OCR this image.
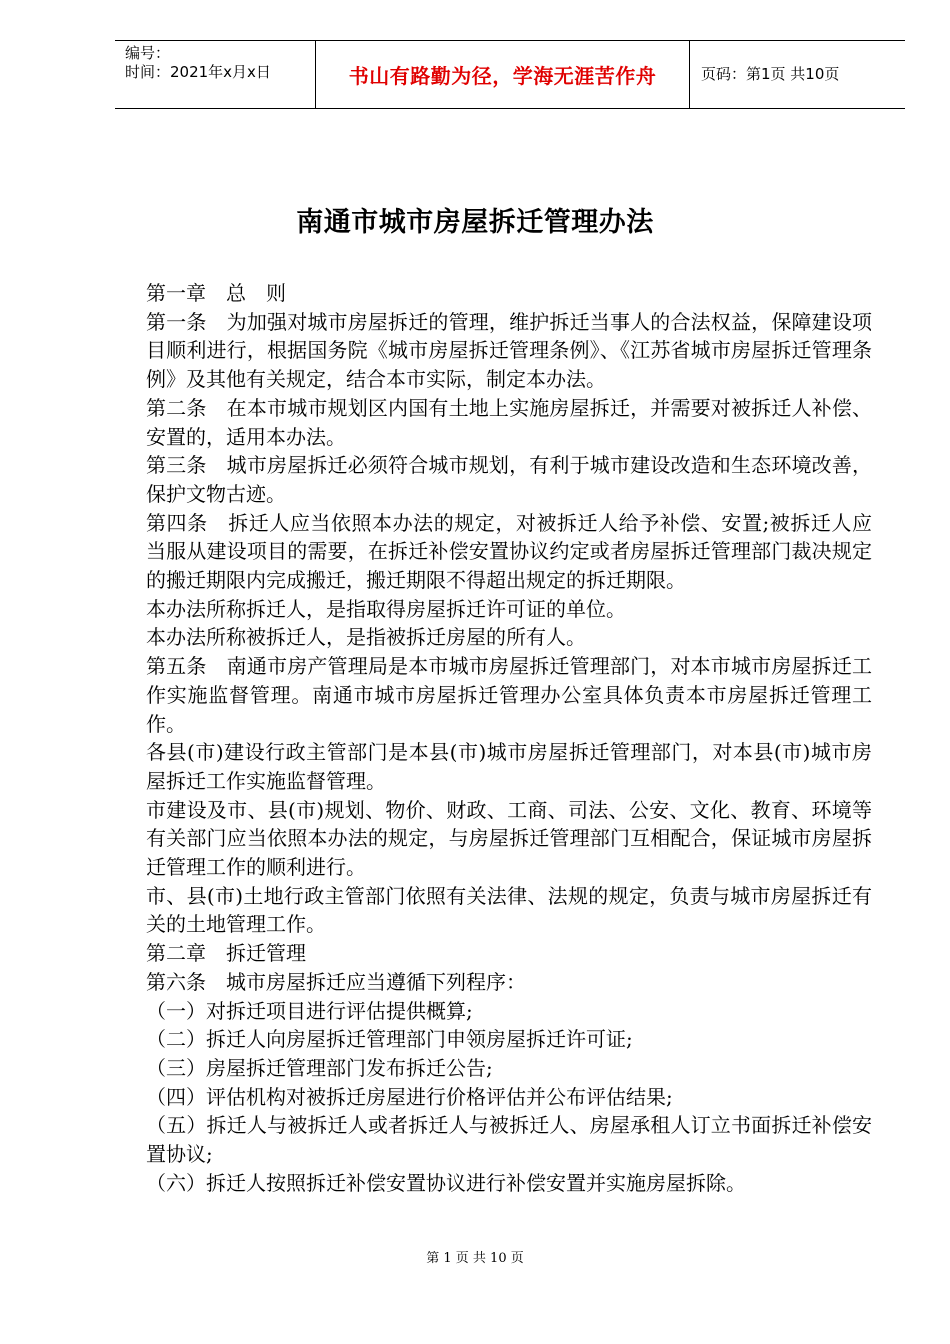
编号：
时间：2021年x月x日	书山有路勤为径，学海无涯苦作舟	页码：第1页 共10页
南通市城市房屋拆迁管理办法

第一章　总　则

第一条　为加强对城市房屋拆迁的管理，维护拆迁当事人的合法权益，保障建设项目顺利进行，根据国务院《城市房屋拆迁管理条例》、《江苏省城市房屋拆迁管理条例》及其他有关规定，结合本市实际，制定本办法。

第二条　在本市城市规划区内国有土地上实施房屋拆迁，并需要对被拆迁人补偿、安置的，适用本办法。

第三条　城市房屋拆迁必须符合城市规划，有利于城市建设改造和生态环境改善，保护文物古迹。

第四条　拆迁人应当依照本办法的规定，对被拆迁人给予补偿、安置;被拆迁人应当服从建设项目的需要，在拆迁补偿安置协议约定或者房屋拆迁管理部门裁决规定的搬迁期限内完成搬迁，搬迁期限不得超出规定的拆迁期限。

本办法所称拆迁人，是指取得房屋拆迁许可证的单位。

本办法所称被拆迁人，是指被拆迁房屋的所有人。

第五条　南通市房产管理局是本市城市房屋拆迁管理部门，对本市城市房屋拆迁工作实施监督管理。南通市城市房屋拆迁管理办公室具体负责本市房屋拆迁管理工作。

各县(市)建设行政主管部门是本县(市)城市房屋拆迁管理部门，对本县(市)城市房屋拆迁工作实施监督管理。

市建设及市、县(市)规划、物价、财政、工商、司法、公安、文化、教育、环境等有关部门应当依照本办法的规定，与房屋拆迁管理部门互相配合，保证城市房屋拆迁管理工作的顺利进行。

市、县(市)土地行政主管部门依照有关法律、法规的规定，负责与城市房屋拆迁有关的土地管理工作。

第二章　拆迁管理

第六条　城市房屋拆迁应当遵循下列程序：

（一）对拆迁项目进行评估提供概算;

（二）拆迁人向房屋拆迁管理部门申领房屋拆迁许可证;

（三）房屋拆迁管理部门发布拆迁公告;

（四）评估机构对被拆迁房屋进行价格评估并公布评估结果;

（五）拆迁人与被拆迁人或者拆迁人与被拆迁人、房屋承租人订立书面拆迁补偿安置协议;

（六）拆迁人按照拆迁补偿安置协议进行补偿安置并实施房屋拆除。

第 1 页 共 10 页
